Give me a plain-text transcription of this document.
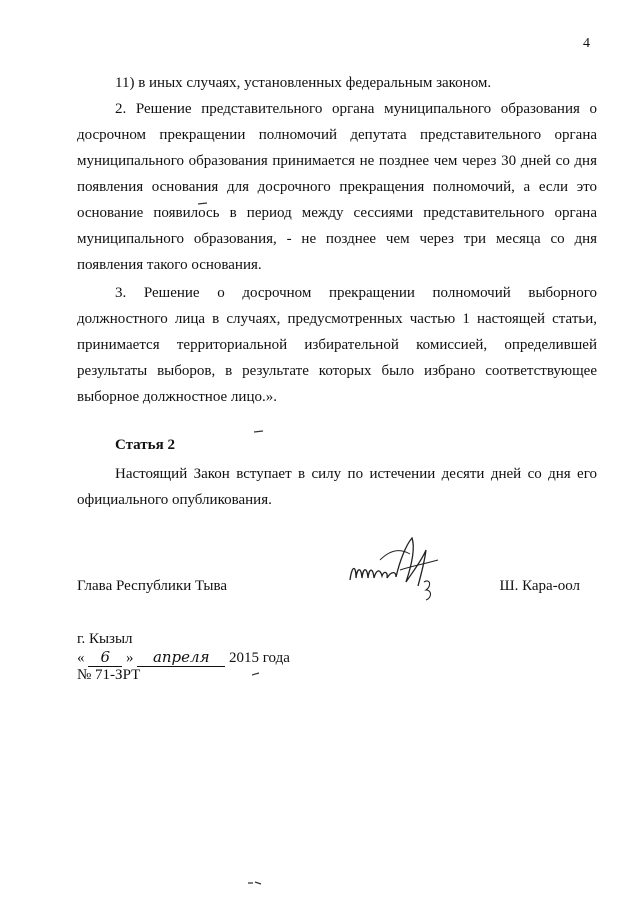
4

11) в иных случаях, установленных федеральным законом.

2. Решение представительного органа муниципального образования о досрочном прекращении полномочий депутата представительного органа муниципального образования принимается не позднее чем через 30 дней со дня появления основания для досрочного прекращения полномочий, а если это основание появилось в период между сессиями представительного органа муниципального образования, - не позднее чем через три месяца со дня появления такого основания.

3. Решение о досрочном прекращении полномочий выборного должностного лица в случаях, предусмотренных частью 1 настоящей статьи, принимается территориальной избирательной комиссией, определившей результаты выборов, в результате которых было избрано соответствующее выборное должностное лицо.».

Статья 2

Настоящий Закон вступает в силу по истечении десяти дней со дня его официального опубликования.

Глава Республики Тыва	Ш. Кара-оол
г. Кызыл
« 6 » апреля 2015 года
№ 71-ЗРТ
